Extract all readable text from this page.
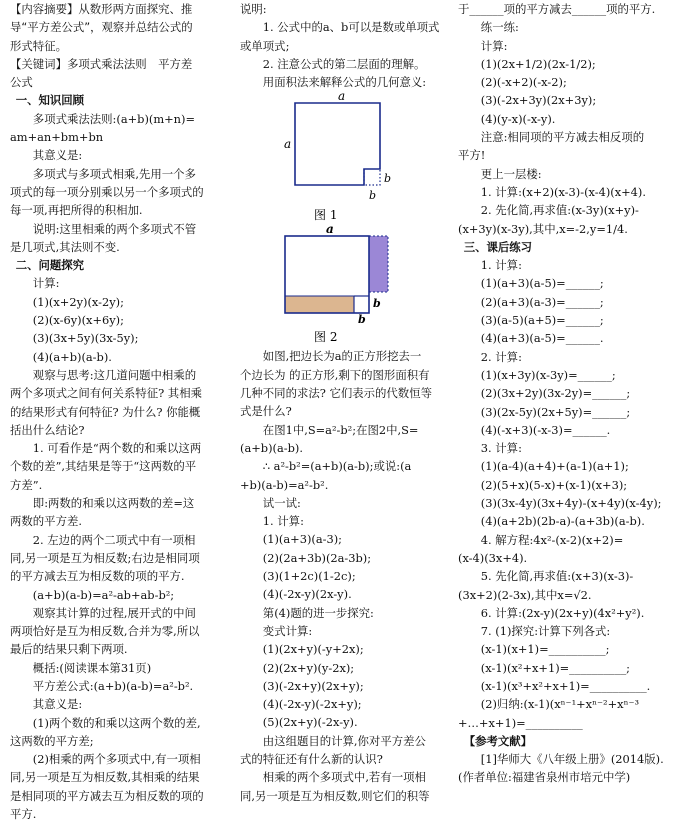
【内容摘要】从数形两方面探究、推
导“平方差公式”，观察并总结公式的
形式特征。
【关键词】多项式乘法法则　平方差
公式
一、知识回顾
多项式乘法法则:(a+b)(m+n)=
am+an+bm+bn
其意义是:
多项式与多项式相乘,先用一个多
项式的每一项分别乘以另一个多项式的
每一项,再把所得的积相加.
说明:这里相乘的两个多项式不管
是几项式,其法则不变.
二、问题探究
计算:
(1)(x+2y)(x-2y);
(2)(x-6y)(x+6y);
(3)(3x+5y)(3x-5y);
(4)(a+b)(a-b).
观察与思考:这几道问题中相乘的
两个多项式之间有何关系特征? 其相乘
的结果形式有何特征? 为什么? 你能概
括出什么结论?
1. 可看作是“两个数的和乘以这两
个数的差”,其结果是等于“这两数的平
方差”.
即:两数的和乘以这两数的差=这
两数的平方差.
2. 左边的两个二项式中有一项相
同,另一项是互为相反数;右边是相同项
的平方减去互为相反数的项的平方.
(a+b)(a-b)=a²-ab+ab-b²;
观察其计算的过程,展开式的中间
两项恰好是互为相反数,合并为零,所以
最后的结果只剩下两项.
概括:(阅读课本第31页)
平方差公式:(a+b)(a-b)=a²-b².
其意义是:
(1)两个数的和乘以这两个数的差,
这两数的平方差;
(2)相乘的两个多项式中,有一项相
同,另一项是互为相反数,其相乘的结果
是相同项的平方减去互为相反数的项的
平方.
说明:
1. 公式中的a、b可以是数或单项式
或单项式;
2. 注意公式的第二层面的理解。
用面积法来解释公式的几何意义:
a
a
b
b
图 1
a
b
b
图 2
如图,把边长为a的正方形挖去一
个边长为 的正方形,剩下的图形面积有
几种不同的求法? 它们表示的代数恒等
式是什么?
在图1中,S=a²-b²;在图2中,S=
(a+b)(a-b).
∴ a²-b²=(a+b)(a-b);或说:(a
+b)(a-b)=a²-b².
试一试:
1. 计算:
(1)(a+3)(a-3);
(2)(2a+3b)(2a-3b);
(3)(1+2c)(1-2c);
(4)(-2x-y)(2x-y).
第(4)题的进一步探究:
变式计算:
(1)(2x+y)(-y+2x);
(2)(2x+y)(y-2x);
(3)(-2x+y)(2x+y);
(4)(-2x-y)(-2x+y);
(5)(2x+y)(-2x-y).
由这组题目的计算,你对平方差公
式的特征还有什么新的认识?
相乘的两个多项式中,若有一项相
同,另一项是互为相反数,则它们的积等
于______项的平方减去______项的平方.
练一练:
计算:
(1)(2x+1/2)(2x-1/2);
(2)(-x+2)(-x-2);
(3)(-2x+3y)(2x+3y);
(4)(y-x)(-x-y).
注意:相同项的平方减去相反项的
平方!
更上一层楼:
1. 计算:(x+2)(x-3)-(x-4)(x+4).
2. 先化简,再求值:(x-3y)(x+y)-
(x+3y)(x-3y),其中,x=-2,y=1/4.
三、课后练习
1. 计算:
(1)(a+3)(a-5)=______;
(2)(a+3)(a-3)=______;
(3)(a-5)(a+5)=______;
(4)(a+3)(a-5)=______.
2. 计算:
(1)(x+3y)(x-3y)=______;
(2)(3x+2y)(3x-2y)=______;
(3)(2x-5y)(2x+5y)=______;
(4)(-x+3)(-x-3)=______.
3. 计算:
(1)(a-4)(a+4)+(a-1)(a+1);
(2)(5+x)(5-x)+(x-1)(x+3);
(3)(3x-4y)(3x+4y)-(x+4y)(x-4y);
(4)(a+2b)(2b-a)-(a+3b)(a-b).
4. 解方程:4x²-(x-2)(x+2)=
(x-4)(3x+4).
5. 先化简,再求值:(x+3)(x-3)-
(3x+2)(2-3x),其中x=√2.
6. 计算:(2x-y)(2x+y)(4x²+y²).
7. (1)探究:计算下列各式:
(x-1)(x+1)=__________;
(x-1)(x²+x+1)=__________;
(x-1)(x³+x²+x+1)=__________.
(2)归纳:(x-1)(xⁿ⁻¹+xⁿ⁻²+xⁿ⁻³
+…+x+1)=__________
【参考文献】
[1]华师大《八年级上册》(2014版).
(作者单位:福建省泉州市培元中学)
